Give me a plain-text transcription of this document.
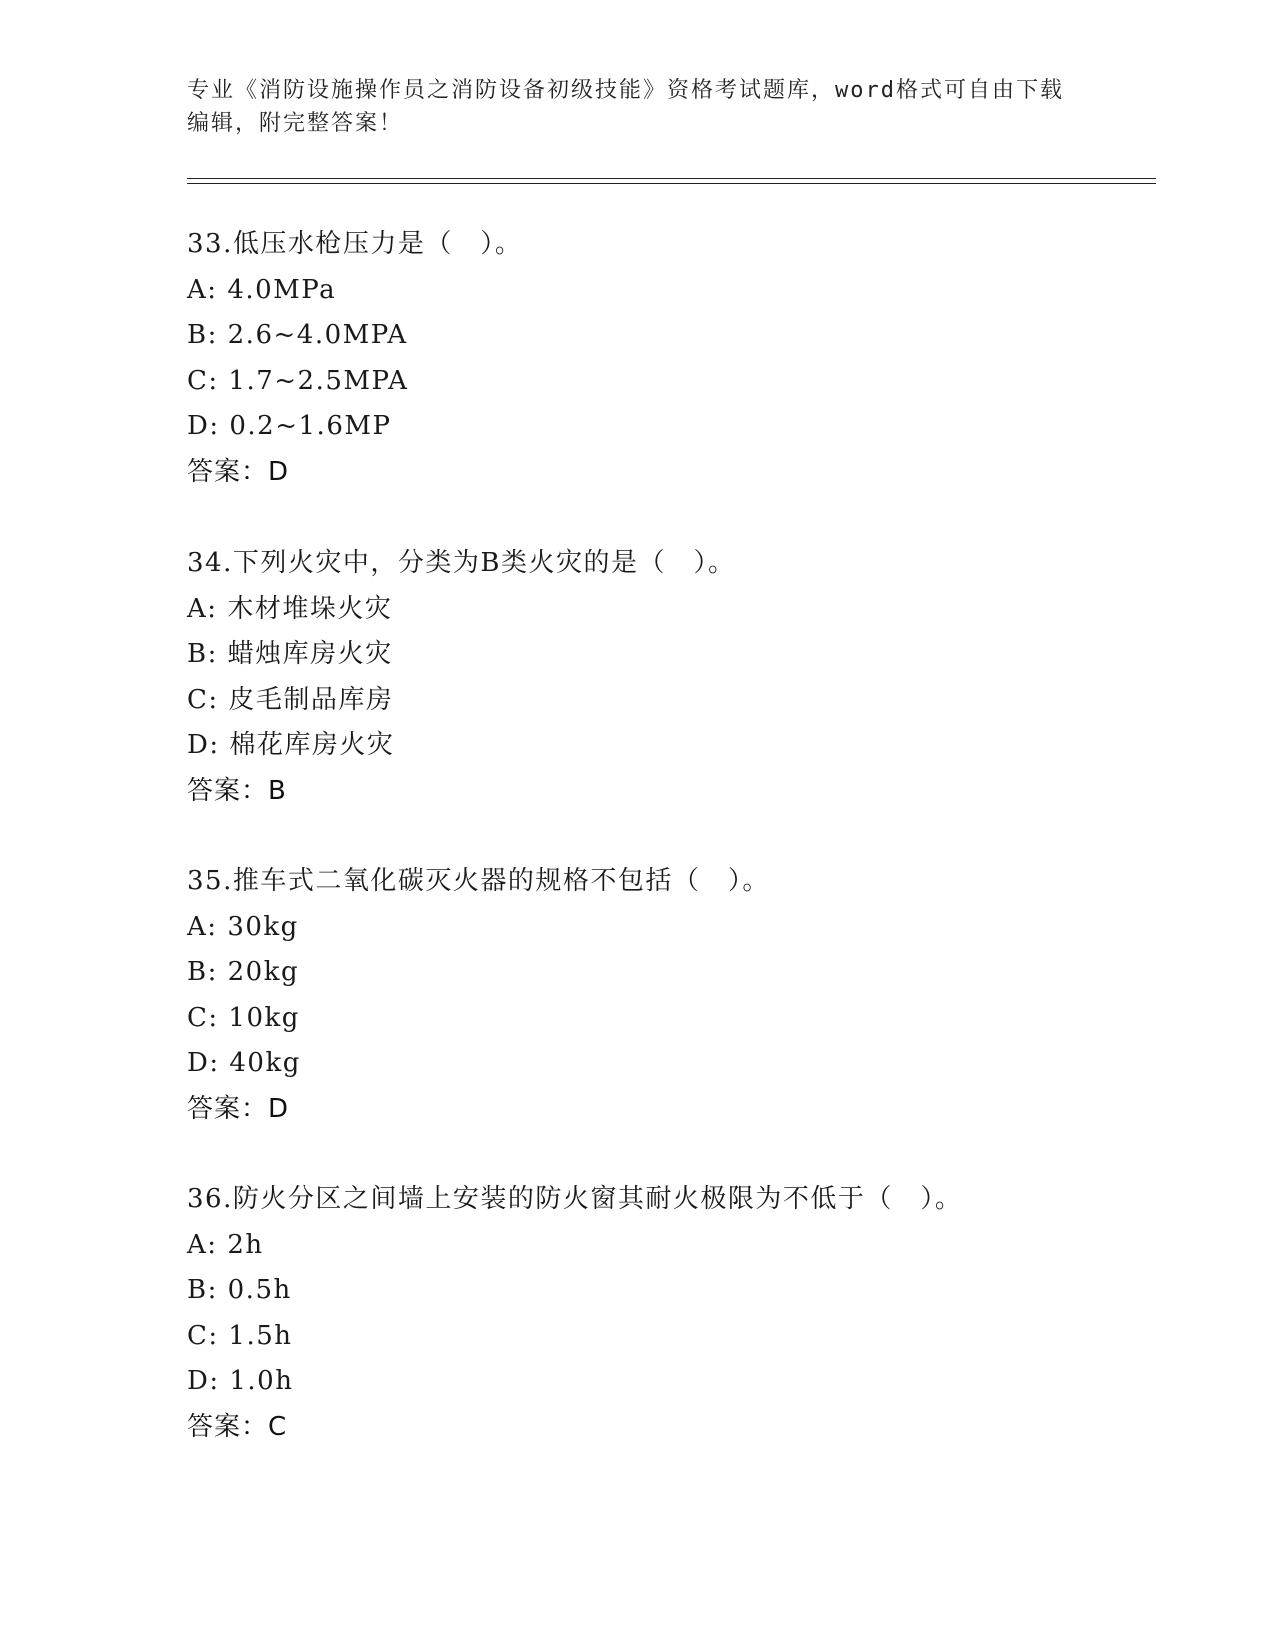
专业《消防设施操作员之消防设备初级技能》资格考试题库，word格式可自由下载编辑，附完整答案！
33.低压水枪压力是（　）。
A: 4.0MPa
B: 2.6~4.0MPA
C: 1.7~2.5MPA
D: 0.2~1.6MP
答案：D
34.下列火灾中，分类为B类火灾的是（　）。
A: 木材堆垛火灾
B: 蜡烛库房火灾
C: 皮毛制品库房
D: 棉花库房火灾
答案：B
35.推车式二氧化碳灭火器的规格不包括（　）。
A: 30kg
B: 20kg
C: 10kg
D: 40kg
答案：D
36.防火分区之间墙上安装的防火窗其耐火极限为不低于（　）。
A: 2h
B: 0.5h
C: 1.5h
D: 1.0h
答案：C
